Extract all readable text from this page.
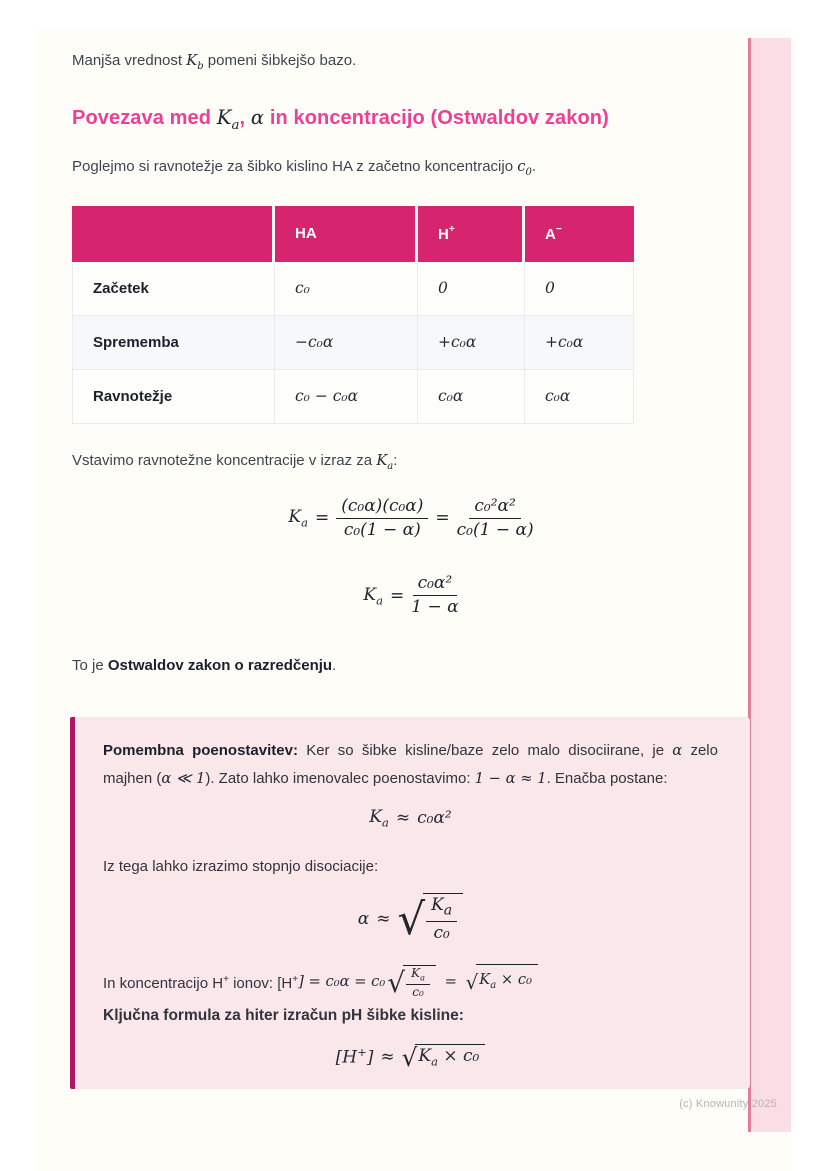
Manjša vrednost $K_b$ pomeni šibkejšo bazo.

Povezava med $K_a$, α in koncentracijo (Ostwaldov zakon)

Poglejmo si ravnotežje za šibko kislino HA z začetno koncentracijo $c_0$.

	HA	H+	A−
Začetek	c₀	0	0
Sprememba	−c₀α	+c₀α	+c₀α
Ravnotežje	c₀ − c₀α	c₀α	c₀α

Vstavimo ravnotežne koncentracije v izraz za $K_a$:

$K_a = \frac{\text{(c₀α)(c₀α)}}{\text{c₀(1 − α)}} = \frac{\text{c₀²α²}}{\text{c₀(1 − α)}}$
$K_a = \frac{\text{c₀α²}}{1 - \alpha}$

To je Ostwaldov zakon o razredčenju.

Pomembna poenostavitev: Ker so šibke kisline/baze zelo malo disociirane, je α zelo majhen (α ≪ 1). Zato lahko imenovalec poenostavimo: 1 − α ≈ 1. Enačba postane:

$K_a \approx c_0\alpha^2$

Iz tega lahko izrazimo stopnjo disociacije:

α ≈ √ $\frac{K_a}{\text{c₀}}$

In koncentracijo H+ ionov: [H+ ] = c₀α = c₀ √ $\frac{K_a}{\text{c₀}}$
=
√ $K_a \times c_0$

Ključna formula za hiter izračun pH šibke kisline:

[H+] ≈ √ $K_a \times c_0$
(c) Knowunity 2025
